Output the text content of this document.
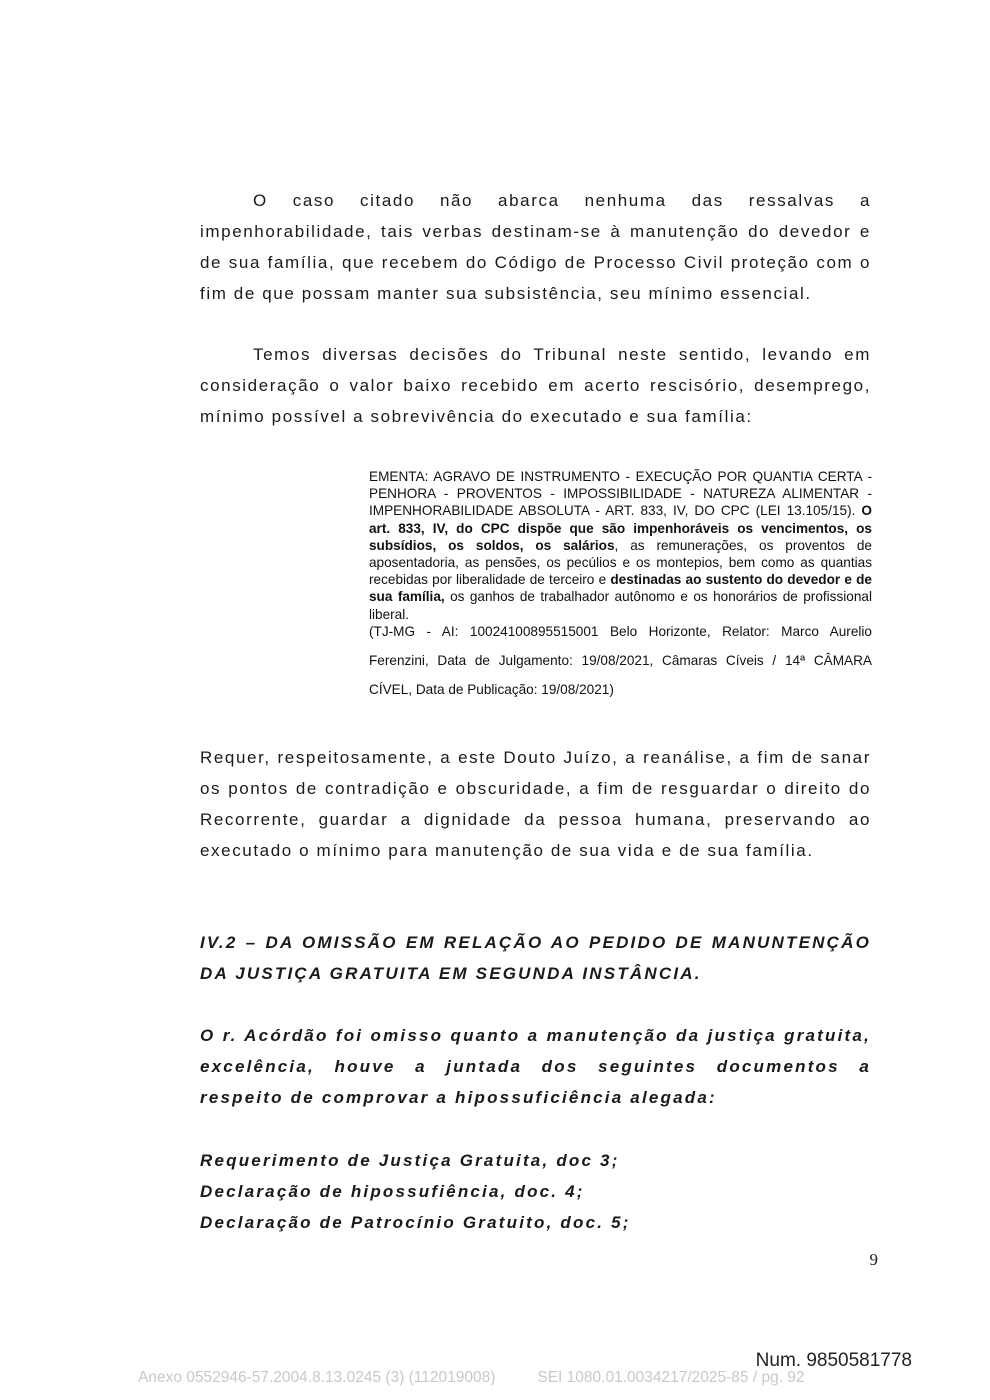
O caso citado não abarca nenhuma das ressalvas a impenhorabilidade, tais verbas destinam-se à manutenção do devedor e de sua família, que recebem do Código de Processo Civil proteção com o fim de que possam manter sua subsistência, seu mínimo essencial.

Temos diversas decisões do Tribunal neste sentido, levando em consideração o valor baixo recebido em acerto rescisório, desemprego, mínimo possível a sobrevivência do executado e sua família:

EMENTA: AGRAVO DE INSTRUMENTO - EXECUÇÃO POR QUANTIA CERTA - PENHORA - PROVENTOS - IMPOSSIBILIDADE - NATUREZA ALIMENTAR - IMPENHORABILIDADE ABSOLUTA - ART. 833, IV, DO CPC (LEI 13.105/15). O art. 833, IV, do CPC dispõe que são impenhoráveis os vencimentos, os subsídios, os soldos, os salários, as remunerações, os proventos de aposentadoria, as pensões, os pecúlios e os montepios, bem como as quantias recebidas por liberalidade de terceiro e destinadas ao sustento do devedor e de sua família, os ganhos de trabalhador autônomo e os honorários de profissional liberal.

(TJ-MG - AI: 10024100895515001 Belo Horizonte, Relator: Marco Aurelio Ferenzini, Data de Julgamento: 19/08/2021, Câmaras Cíveis / 14ª CÂMARA CÍVEL, Data de Publicação: 19/08/2021)

Requer, respeitosamente, a este Douto Juízo, a reanálise, a fim de sanar os pontos de contradição e obscuridade, a fim de resguardar o direito do Recorrente, guardar a dignidade da pessoa humana, preservando ao executado o mínimo para manutenção de sua vida e de sua família.

IV.2 – DA OMISSÃO EM RELAÇÃO AO PEDIDO DE MANUNTENÇÃO DA JUSTIÇA GRATUITA EM SEGUNDA INSTÂNCIA.

O r. Acórdão foi omisso quanto a manutenção da justiça gratuita, excelência, houve a juntada dos seguintes documentos a respeito de comprovar a hipossuficiência alegada:

Requerimento de Justiça Gratuita, doc 3;
Declaração de hipossufiência, doc. 4;
Declaração de Patrocínio Gratuito, doc. 5;
9
Num. 9850581778
Anexo 0552946-57.2004.8.13.0245 (3) (112019008)	SEI 1080.01.0034217/2025-85 / pg. 92
